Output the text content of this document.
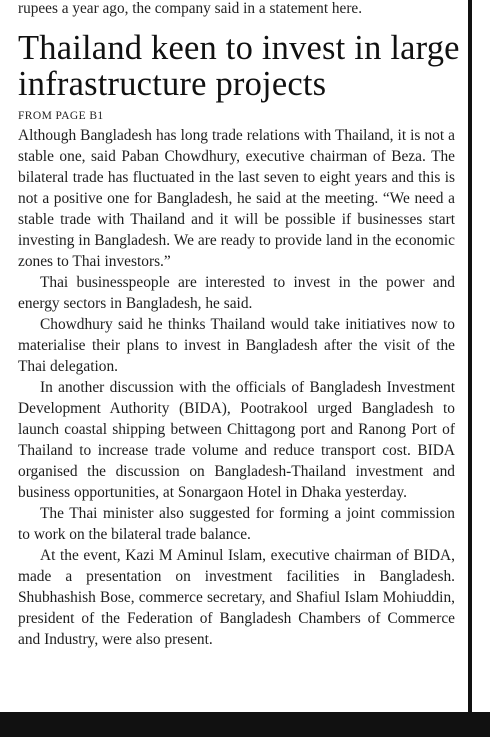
rupees a year ago, the company said in a statement here.

Thailand keen to invest in large infrastructure projects

FROM PAGE B1

Although Bangladesh has long trade relations with Thailand, it is not a stable one, said Paban Chowdhury, executive chairman of Beza. The bilateral trade has fluctuated in the last seven to eight years and this is not a positive one for Bangladesh, he said at the meeting. “We need a stable trade with Thailand and it will be possible if businesses start investing in Bangladesh. We are ready to provide land in the economic zones to Thai investors.”

Thai businesspeople are interested to invest in the power and energy sectors in Bangladesh, he said.

Chowdhury said he thinks Thailand would take initiatives now to materialise their plans to invest in Bangladesh after the visit of the Thai delegation.

In another discussion with the officials of Bangladesh Investment Development Authority (BIDA), Pootrakool urged Bangladesh to launch coastal shipping between Chittagong port and Ranong Port of Thailand to increase trade volume and reduce transport cost. BIDA organised the discussion on Bangladesh-Thailand investment and business opportunities, at Sonargaon Hotel in Dhaka yesterday.

The Thai minister also suggested for forming a joint commission to work on the bilateral trade balance.

At the event, Kazi M Aminul Islam, executive chairman of BIDA, made a presentation on investment facilities in Bangladesh. Shubhashish Bose, commerce secretary, and Shafiul Islam Mohiuddin, president of the Federation of Bangladesh Chambers of Commerce and Industry, were also present.
